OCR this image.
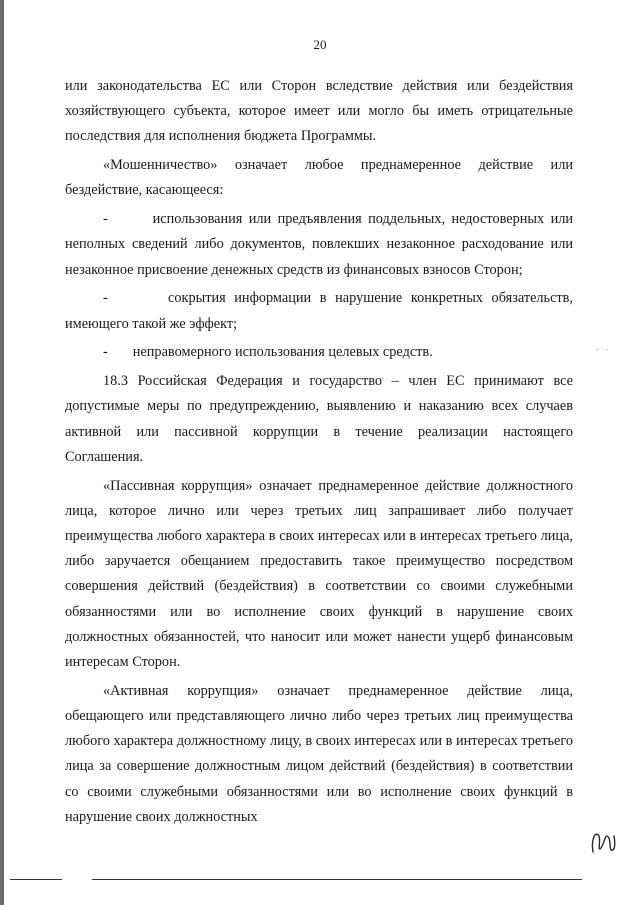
20
- · -

или законодательства ЕС или Сторон вследствие действия или бездействия хозяйствующего субъекта, которое имеет или могло бы иметь отрицательные последствия для исполнения бюджета Программы.

«Мошенничество» означает любое преднамеренное действие или бездействие, касающееся:

-       использования или предъявления поддельных, недостоверных или неполных сведений либо документов, повлекших незаконное расходование или незаконное присвоение денежных средств из финансовых взносов Сторон;

-       сокрытия информации в нарушение конкретных обязательств, имеющего такой же эффект;

-       неправомерного использования целевых средств.

18.3 Российская Федерация и государство – член ЕС принимают все допустимые меры по предупреждению, выявлению и наказанию всех случаев активной или пассивной коррупции в течение реализации настоящего Соглашения.

«Пассивная коррупция» означает преднамеренное действие должностного лица, которое лично или через третьих лиц запрашивает либо получает преимущества любого характера в своих интересах или в интересах третьего лица, либо заручается обещанием предоставить такое преимущество посредством совершения действий (бездействия) в соответствии со своими служебными обязанностями или во исполнение своих функций в нарушение своих должностных обязанностей, что наносит или может нанести ущерб финансовым интересам Сторон.

«Активная коррупция» означает преднамеренное действие лица, обещающего или представляющего лично либо через третьих лиц преимущества любого характера должностному лицу, в своих интересах или в интересах третьего лица за совершение должностным лицом действий (бездействия) в соответствии со своими служебными обязанностями или во исполнение своих функций в нарушение своих должностных
